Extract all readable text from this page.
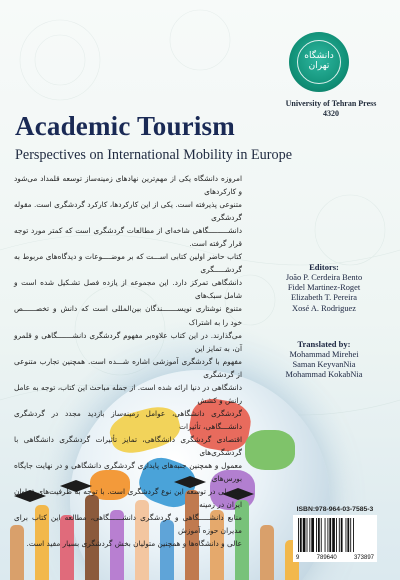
دانشگاه تهران
University of Tehran Press
4320
Academic Tourism
Perspectives on International Mobility in Europe
امروزه دانشگاه یکی از مهم‌ترین نهادهای زمینه‌ساز توسعه قلمداد می‌شود و کارکردهای
متنوعی پذیرفته است. یکی از این کارکردها، کارکرد گردشگری است. مقوله گردشگری
دانشـــــــــگاهی شاخه‌ای از مطالعات گردشگری است که کمتر مورد توجه قرار گرفته است.
کتاب حاضر اولین کتابی اســـت که بر موضــــوعات و دیدگاه‌های مربوط به گردشـــــگری
دانشگاهی تمرکز دارد. این مجموعه از یازده فصل تشـکیل شده است و شامل سبک‌های
متنوع نوشتاری نویســـــــندگان بین‌المللی است که دانش و تخصــــــص خود را به اشتراک
می‌گذارند. در این کتاب علاوه‌بر مفهوم گردشگری دانشـــــــگاهی و قلمرو آن، به تمایز این
مفهوم با گردشگری آموزشی اشاره شـــده است. همچنین تجارب متنوعی از گردشگری
دانشگاهی در دنیا ارائه شده است. از جمله مباحث این کتاب، توجه به عامل رانش و کشش
گردشگری دانشگاهی، عوامل زمینه‌ساز بازدید مجدد در گردشگری دانشـــگاهی، تأثیرات
اقتصادی گردشگری دانشگاهی، تمایز تأثیرات گردشگری دانشگاهی با گردشگری‌های
معمول و همچنین جنبه‌های پایداری گردشگری دانشگاهی و در نهایت جایگاه بورس‌های
تحصیلی در توسعه این نوع گردشگری است. با توجه به ظرفیت‌های فراوان ایران در زمینه
منابع دانشـــــگاهی و گردشگری دانشــــــگاهی، مطالعه این کتاب برای مدیران حوزه آموزش
عالی و دانشگاه‌ها و همچنین متولیان بخش گردشگری بسیار مفید است.
Editors:
João P. Cerdeira Bento
Fidel Martinez-Roget
Elizabeth T. Pereira
Xosé A. Rodriguez
Translated by:
Mohammad Mirehei
Saman KeyvanNia
Mohammad KokabNia
ISBN:978-964-03-7585-3
9	789640	373897
